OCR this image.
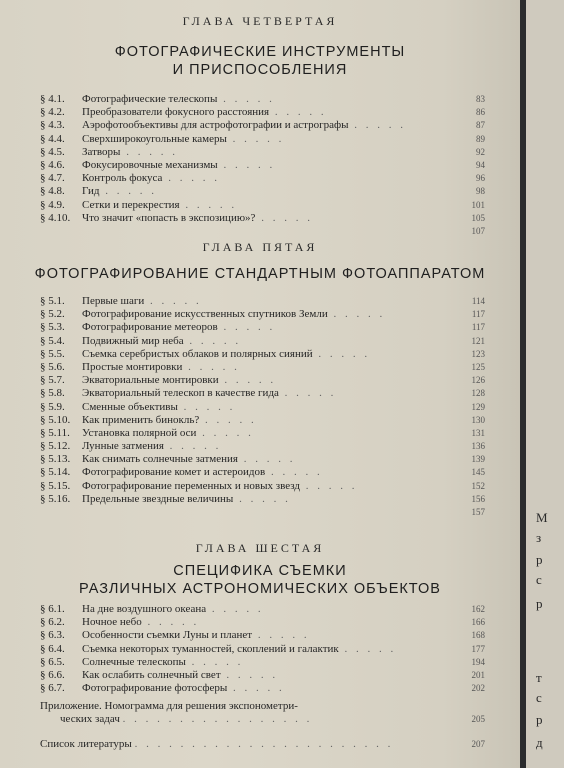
ГЛАВА ЧЕТВЕРТАЯ
ФОТОГРАФИЧЕСКИЕ ИНСТРУМЕНТЫ
И ПРИСПОСОБЛЕНИЯ
§ 4.1. Фотографические телескопы . . . . .	83
§ 4.2. Преобразователи фокусного расстояния . . . . .	86
§ 4.3. Аэрофотообъективы для астрофотографии и астрографы . . . . .	87
§ 4.4. Сверхширокоугольные камеры . . . . .	89
§ 4.5. Затворы . . . . .	92
§ 4.6. Фокусировочные механизмы . . . . .	94
§ 4.7. Контроль фокуса . . . . .	96
§ 4.8. Гид . . . . .	98
§ 4.9. Сетки и перекрестия . . . . .	101
§ 4.10. Что значит «попасть в экспозицию»? . . . . .	105
107
ГЛАВА ПЯТАЯ
ФОТОГРАФИРОВАНИЕ СТАНДАРТНЫМ ФОТОАППАРАТОМ
§ 5.1. Первые шаги . . . . .	114
§ 5.2. Фотографирование искусственных спутников Земли . . . . .	117
§ 5.3. Фотографирование метеоров . . . . .	117
§ 5.4. Подвижный мир неба . . . . .	121
§ 5.5. Съемка серебристых облаков и полярных сияний . . . . .	123
§ 5.6. Простые монтировки . . . . .	125
§ 5.7. Экваториальные монтировки . . . . .	126
§ 5.8. Экваториальный телескоп в качестве гида . . . . .	128
§ 5.9. Сменные объективы . . . . .	129
§ 5.10. Как применить бинокль? . . . . .	130
§ 5.11. Установка полярной оси . . . . .	131
§ 5.12. Лунные затмения . . . . .	136
§ 5.13. Как снимать солнечные затмения . . . . .	139
§ 5.14. Фотографирование комет и астероидов . . . . .	145
§ 5.15. Фотографирование переменных и новых звезд . . . . .	152
§ 5.16. Предельные звездные величины . . . . .	156
157
ГЛАВА ШЕСТАЯ
СПЕЦИФИКА СЪЕМКИ
РАЗЛИЧНЫХ АСТРОНОМИЧЕСКИХ ОБЪЕКТОВ
§ 6.1. На дне воздушного океана . . . . .	162
§ 6.2. Ночное небо . . . . .	166
§ 6.3. Особенности съемки Луны и планет . . . . .	168
§ 6.4. Съемка некоторых туманностей, скоплений и галактик . . . . .	177
§ 6.5. Солнечные телескопы . . . . .	194
§ 6.6. Как ослабить солнечный свет . . . . .	201
§ 6.7. Фотографирование фотосферы . . . . .	202
Приложение. Номограмма для решения экспонометри-
ческих задач . . . . . . . . . . . . . . . . .	205
Список литературы . . . . . . . . . . . . . . . . . . . . . . .	207
М
з
р
с
р
т
с
р
д
